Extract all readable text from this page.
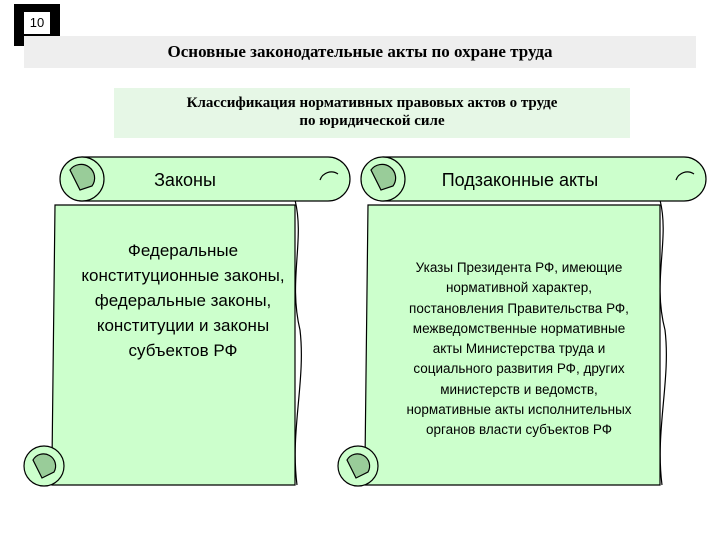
10
Основные законодательные акты по охране труда
Классификация нормативных правовых актов о труде
по юридической силе
Законы	Подзаконные акты
Федеральные
конституционные законы,
федеральные законы,
конституции и законы
субъектов РФ
Указы Президента РФ, имеющие
нормативной характер,
постановления Правительства РФ,
межведомственные нормативные
акты Министерства труда и
социального развития РФ, других
министерств и ведомств,
нормативные акты исполнительных
органов власти субъектов РФ
